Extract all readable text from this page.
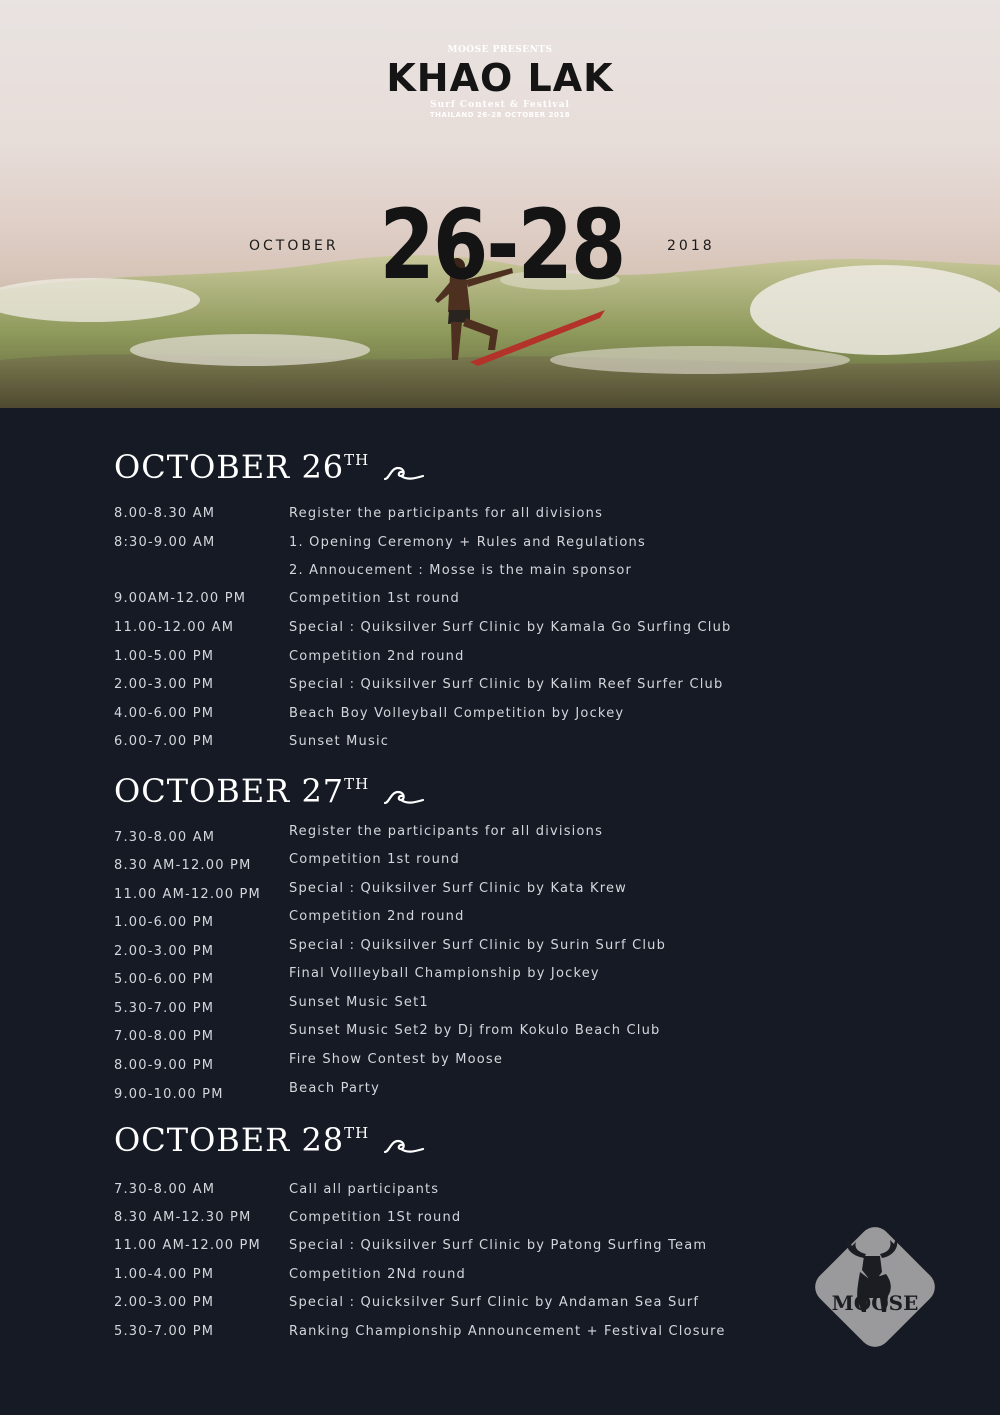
MOOSE PRESENTS
KHAO LAK
Surf Contest & Festival
THAILAND 26-28 OCTOBER 2018
OCTOBER 26-28	2018
OCTOBER 26TH
8.00-8.30 AM	Register the participants for all divisions
8:30-9.00 AM	1. Opening Ceremony + Rules and Regulations
2. Annoucement : Mosse is the main sponsor
9.00AM-12.00 PM	Competition 1st round
11.00-12.00 AM	Special : Quiksilver Surf Clinic by Kamala Go Surfing Club
1.00-5.00 PM	Competition 2nd round
2.00-3.00 PM	Special : Quiksilver Surf Clinic by Kalim Reef Surfer Club
4.00-6.00 PM	Beach Boy Volleyball Competition by Jockey
6.00-7.00 PM	Sunset Music
OCTOBER 27TH
7.30-8.00 AM	Register the participants for all divisions
8.30 AM-12.00 PM	Competition 1st round
11.00 AM-12.00 PM Special : Quiksilver Surf Clinic by Kata Krew
1.00-6.00 PM	Competition 2nd round
2.00-3.00 PM	Special : Quiksilver Surf Clinic by Surin Surf Club
5.00-6.00 PM	Final Vollleyball Championship by Jockey
5.30-7.00 PM	Sunset Music Set1
7.00-8.00 PM	Sunset Music Set2 by Dj from Kokulo Beach Club
8.00-9.00 PM	Fire Show Contest by Moose
9.00-10.00 PM	Beach Party
OCTOBER 28TH
7.30-8.00 AM	Call all participants
8.30 AM-12.30 PM	Competition 1St round
11.00 AM-12.00 PM Special : Quiksilver Surf Clinic by Patong Surfing Team
1.00-4.00 PM	Competition 2Nd round
2.00-3.00 PM	Special : Quicksilver Surf Clinic by Andaman Sea Surf
5.30-7.00 PM	Ranking Championship Announcement + Festival Closure
MOOSE
